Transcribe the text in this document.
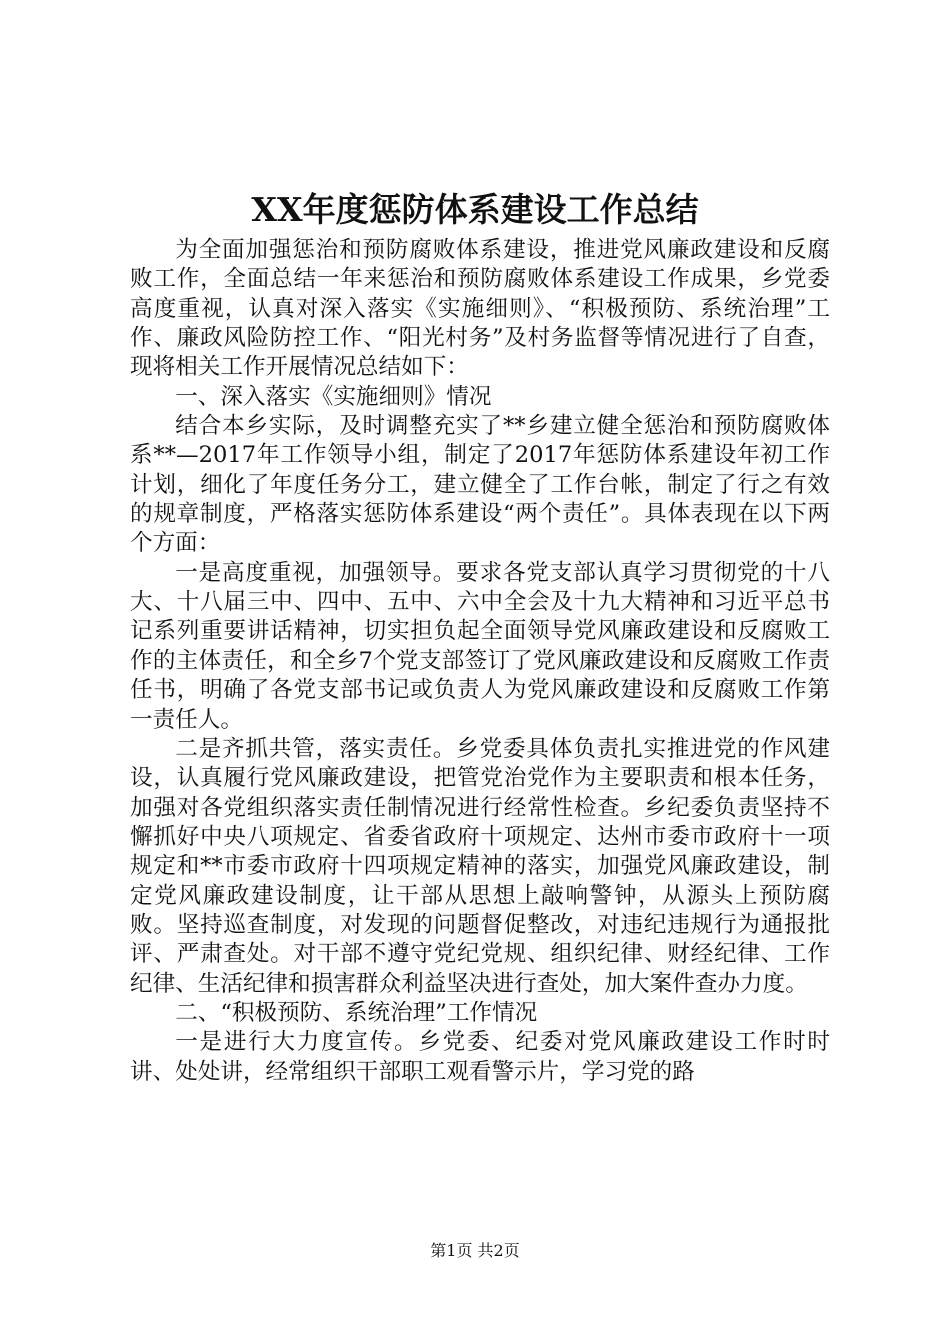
XX年度惩防体系建设工作总结

为全面加强惩治和预防腐败体系建设，推进党风廉政建设和反腐败工作，全面总结一年来惩治和预防腐败体系建设工作成果，乡党委高度重视，认真对深入落实《实施细则》、“积极预防、系统治理”工作、廉政风险防控工作、“阳光村务”及村务监督等情况进行了自查，现将相关工作开展情况总结如下：

一、深入落实《实施细则》情况

结合本乡实际，及时调整充实了**乡建立健全惩治和预防腐败体系**—2017年工作领导小组，制定了2017年惩防体系建设年初工作计划，细化了年度任务分工，建立健全了工作台帐，制定了行之有效的规章制度，严格落实惩防体系建设“两个责任”。具体表现在以下两个方面：

一是高度重视，加强领导。要求各党支部认真学习贯彻党的十八大、十八届三中、四中、五中、六中全会及十九大精神和习近平总书记系列重要讲话精神，切实担负起全面领导党风廉政建设和反腐败工作的主体责任，和全乡7个党支部签订了党风廉政建设和反腐败工作责任书，明确了各党支部书记或负责人为党风廉政建设和反腐败工作第一责任人。

二是齐抓共管，落实责任。乡党委具体负责扎实推进党的作风建设，认真履行党风廉政建设，把管党治党作为主要职责和根本任务，加强对各党组织落实责任制情况进行经常性检查。乡纪委负责坚持不懈抓好中央八项规定、省委省政府十项规定、达州市委市政府十一项规定和**市委市政府十四项规定精神的落实，加强党风廉政建设，制定党风廉政建设制度，让干部从思想上敲响警钟，从源头上预防腐败。坚持巡查制度，对发现的问题督促整改，对违纪违规行为通报批评、严肃查处。对干部不遵守党纪党规、组织纪律、财经纪律、工作纪律、生活纪律和损害群众利益坚决进行查处，加大案件查办力度。

二、“积极预防、系统治理”工作情况

一是进行大力度宣传。乡党委、纪委对党风廉政建设工作时时讲、处处讲，经常组织干部职工观看警示片，学习党的路

第1页 共2页
